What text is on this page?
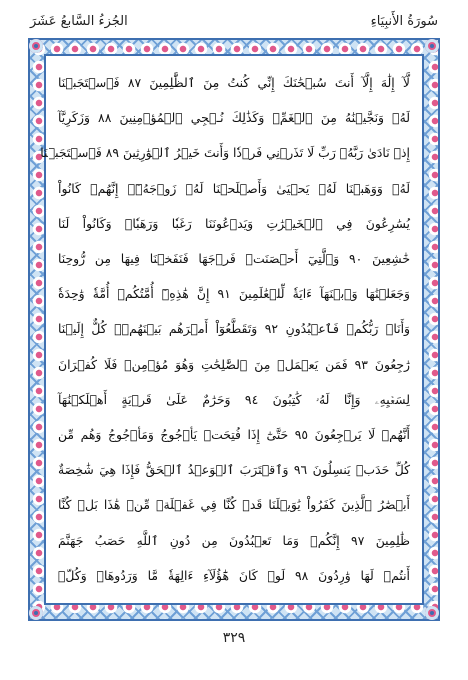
سُورَةُ الأَنبِيَاءِ
الجُزءُ السَّابعُ عَشَرَ
لَّآ إِلَٰهَ إِلَّآ أَنتَ سُبۡحَٰنَكَ إِنِّي كُنتُ مِنَ ٱلظَّٰلِمِينَ ٨٧ فَٱسۡتَجَبۡنَا
لَهُۥ وَنَجَّيۡنَٰهُ مِنَ ٱلۡغَمِّۚ وَكَذَٰلِكَ نُـۨجِي ٱلۡمُؤۡمِنِينَ ٨٨ وَزَكَرِيَّآ
إِذۡ نَادَىٰ رَبَّهُۥ رَبِّ لَا تَذَرۡنِي فَرۡدٗا وَأَنتَ خَيۡرُ ٱلۡوَٰرِثِينَ ٨٩ فَٱسۡتَجَبۡنَا
لَهُۥ وَوَهَبۡنَا لَهُۥ يَحۡيَىٰ وَأَصۡلَحۡنَا لَهُۥ زَوۡجَهُۥٓۚ إِنَّهُمۡ كَانُواْ
يُسَٰرِعُونَ فِي ٱلۡخَيۡرَٰتِ وَيَدۡعُونَنَا رَغَبٗا وَرَهَبٗاۖ وَكَانُواْ لَنَا
خَٰشِعِينَ ٩٠ وَٱلَّتِيٓ أَحۡصَنَتۡ فَرۡجَهَا فَنَفَخۡنَا فِيهَا مِن رُّوحِنَا
وَجَعَلۡنَٰهَا وَٱبۡنَهَآ ءَايَةٗ لِّلۡعَٰلَمِينَ ٩١ إِنَّ هَٰذِهِۦٓ أُمَّتُكُمۡ أُمَّةٗ وَٰحِدَةٗ
وَأَنَا۠ رَبُّكُمۡ فَٱعۡبُدُونِ ٩٢ وَتَقَطَّعُوٓاْ أَمۡرَهُم بَيۡنَهُمۡۖ كُلٌّ إِلَيۡنَا
رَٰجِعُونَ ٩٣ فَمَن يَعۡمَلۡ مِنَ ٱلصَّٰلِحَٰتِ وَهُوَ مُؤۡمِنٞ فَلَا كُفۡرَانَ
لِسَعۡيِهِۦ وَإِنَّا لَهُۥ كَٰتِبُونَ ٩٤ وَحَرَٰمٌ عَلَىٰ قَرۡيَةٍ أَهۡلَكۡنَٰهَآ
أَنَّهُمۡ لَا يَرۡجِعُونَ ٩٥ حَتَّىٰٓ إِذَا فُتِحَتۡ يَأۡجُوجُ وَمَأۡجُوجُ وَهُم مِّن
كُلِّ حَدَبٖ يَنسِلُونَ ٩٦ وَٱقۡتَرَبَ ٱلۡوَعۡدُ ٱلۡحَقُّ فَإِذَا هِيَ شَٰخِصَةٌ
أَبۡصَٰرُ ٱلَّذِينَ كَفَرُواْ يَٰوَيۡلَنَا قَدۡ كُنَّا فِي غَفۡلَةٖ مِّنۡ هَٰذَا بَلۡ كُنَّا
ظَٰلِمِينَ ٩٧ إِنَّكُمۡ وَمَا تَعۡبُدُونَ مِن دُونِ ٱللَّهِ حَصَبُ جَهَنَّمَ
أَنتُمۡ لَهَا وَٰرِدُونَ ٩٨ لَوۡ كَانَ هَٰٓؤُلَآءِ ءَالِهَةٗ مَّا وَرَدُوهَاۖ وَكُلّٞ
٣٢٩
